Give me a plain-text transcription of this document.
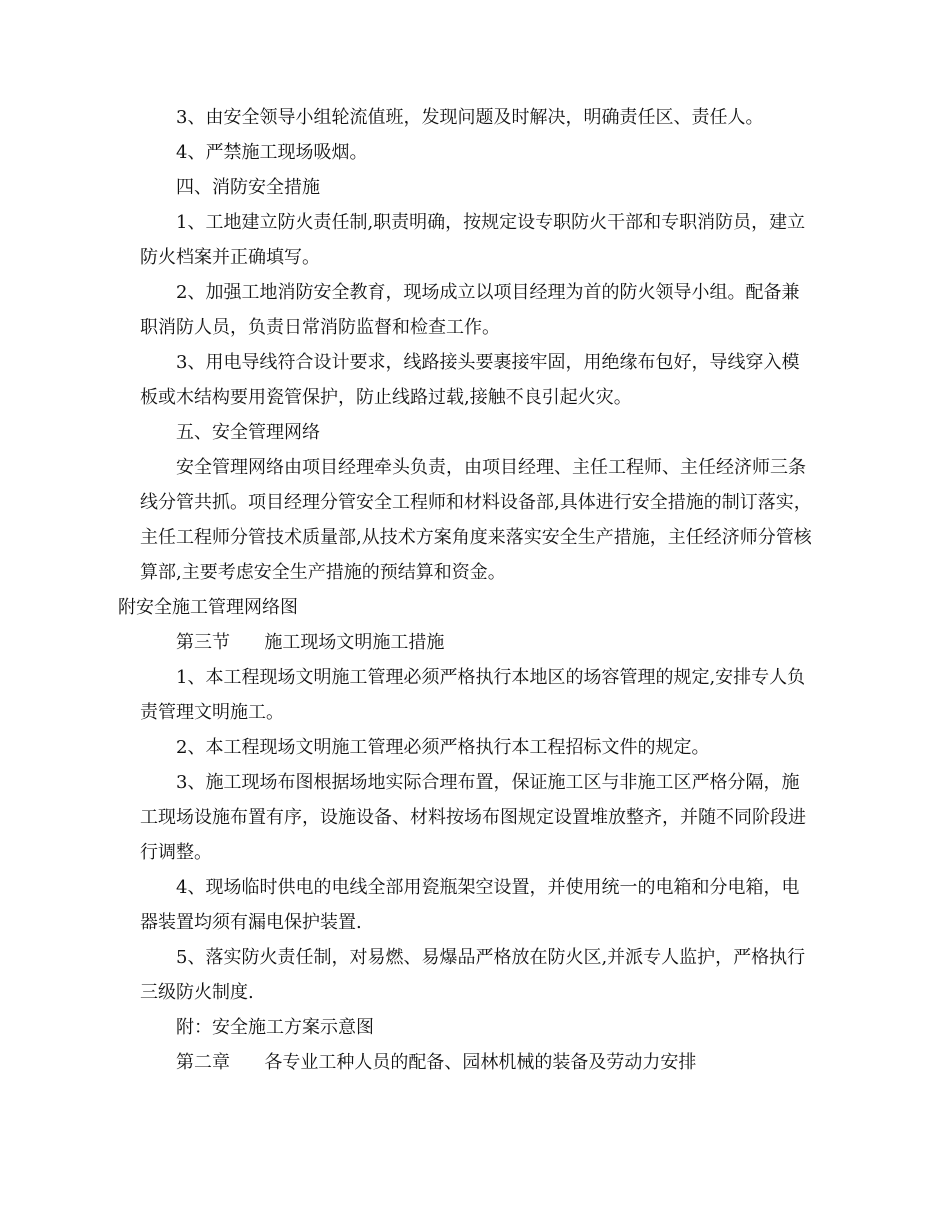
3、由安全领导小组轮流值班，发现问题及时解决，明确责任区、责任人。

4、严禁施工现场吸烟。

四、消防安全措施

1、工地建立防火责任制,职责明确，按规定设专职防火干部和专职消防员，建立防火档案并正确填写。

2、加强工地消防安全教育，现场成立以项目经理为首的防火领导小组。配备兼职消防人员，负责日常消防监督和检查工作。

3、用电导线符合设计要求，线路接头要裹接牢固，用绝缘布包好，导线穿入模板或木结构要用瓷管保护，防止线路过载,接触不良引起火灾。

五、安全管理网络

安全管理网络由项目经理牵头负责，由项目经理、主任工程师、主任经济师三条线分管共抓。项目经理分管安全工程师和材料设备部,具体进行安全措施的制订落实，主任工程师分管技术质量部,从技术方案角度来落实安全生产措施，主任经济师分管核算部,主要考虑安全生产措施的预结算和资金。

附安全施工管理网络图

第三节      施工现场文明施工措施

1、本工程现场文明施工管理必须严格执行本地区的场容管理的规定,安排专人负责管理文明施工。

2、本工程现场文明施工管理必须严格执行本工程招标文件的规定。

3、施工现场布图根据场地实际合理布置，保证施工区与非施工区严格分隔，施工现场设施布置有序，设施设备、材料按场布图规定设置堆放整齐，并随不同阶段进行调整。

4、现场临时供电的电线全部用瓷瓶架空设置，并使用统一的电箱和分电箱，电器装置均须有漏电保护装置.

5、落实防火责任制，对易燃、易爆品严格放在防火区,并派专人监护，严格执行三级防火制度.

附：安全施工方案示意图

第二章      各专业工种人员的配备、园林机械的装备及劳动力安排
